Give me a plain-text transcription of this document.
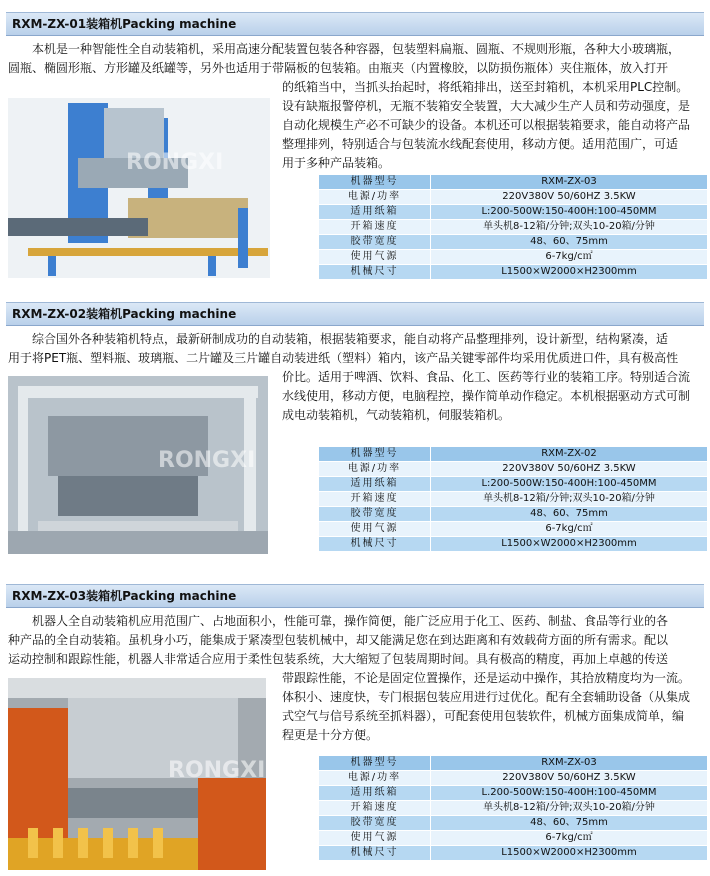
RXM-ZX-01装箱机Packing machine
　　本机是一种智能性全自动装箱机，采用高速分配装置包装各种容器，包装塑料扁瓶、圆瓶、不规则形瓶，各种大小玻璃瓶，
圆瓶、椭圆形瓶、方形罐及纸罐等，另外也适用于带隔板的包装箱。由瓶夹（内置橡胶，以防损伤瓶体）夹住瓶体，放入打开
的纸箱当中，当抓头抬起时，将纸箱排出，送至封箱机，本机采用PLC控制。
设有缺瓶报警停机，无瓶不装箱安全装置，大大减少生产人员和劳动强度，是
自动化规模生产必不可缺少的设备。本机还可以根据装箱要求，能自动将产品
整理排列，特别适合与包装流水线配套使用，移动方便。适用范围广，可适
用于多种产品装箱。
RONGXI
机器型号	RXM-ZX-03
电源/功率	220V380V 50/60HZ 3.5KW
适用纸箱	L:200-500W:150-400H:100-450MM
开箱速度	单头机8-12箱/分钟;双头10-20箱/分钟
胶带宽度	48、60、75mm
使用气源	6-7kg/c㎡
机械尺寸	L1500×W2000×H2300mm
RXM-ZX-02装箱机Packing machine
　　综合国外各种装箱机特点，最新研制成功的自动装箱，根据装箱要求，能自动将产品整理排列，设计新型，结构紧凑，适
用于将PET瓶、塑料瓶、玻璃瓶、二片罐及三片罐自动装进纸（塑料）箱内，该产品关键零部件均采用优质进口件，具有极高性
价比。适用于啤酒、饮料、食品、化工、医药等行业的装箱工序。特别适合流
水线使用，移动方便，电脑程控，操作简单动作稳定。本机根据驱动方式可制
成电动装箱机，气动装箱机，伺服装箱机。
RONGXI	机器型号	RXM-ZX-02
电源/功率	220V380V 50/60HZ 3.5KW
适用纸箱	L:200-500W:150-400H:100-450MM
开箱速度	单头机8-12箱/分钟;双头10-20箱/分钟
胶带宽度	48、60、75mm
使用气源	6-7kg/c㎡
机械尺寸	L1500×W2000×H2300mm
RXM-ZX-03装箱机Packing machine
　　机器人全自动装箱机应用范围广、占地面积小，性能可靠，操作简便，能广泛应用于化工、医药、制盐、食品等行业的各
种产品的全自动装箱。虽机身小巧，能集成于紧凑型包装机械中，却又能满足您在到达距离和有效载荷方面的所有需求。配以
运动控制和跟踪性能，机器人非常适合应用于柔性包装系统，大大缩短了包装周期时间。具有极高的精度，再加上卓越的传送
带跟踪性能，不论是固定位置操作，还是运动中操作，其拾放精度均为一流。
体积小、速度快，专门根据包装应用进行过优化。配有全套辅助设备（从集成
式空气与信号系统至抓料器），可配套使用包装软件，机械方面集成简单，编
程更是十分方便。
RONGXI	机器型号	RXM-ZX-03
电源/功率	220V380V 50/60HZ 3.5KW
适用纸箱	L.200-500W:150-400H:100-450MM
开箱速度	单头机8-12箱/分钟;双头10-20箱/分钟
胶带宽度	48、60、75mm
使用气源	6-7kg/c㎡
机械尺寸	L1500×W2000×H2300mm
